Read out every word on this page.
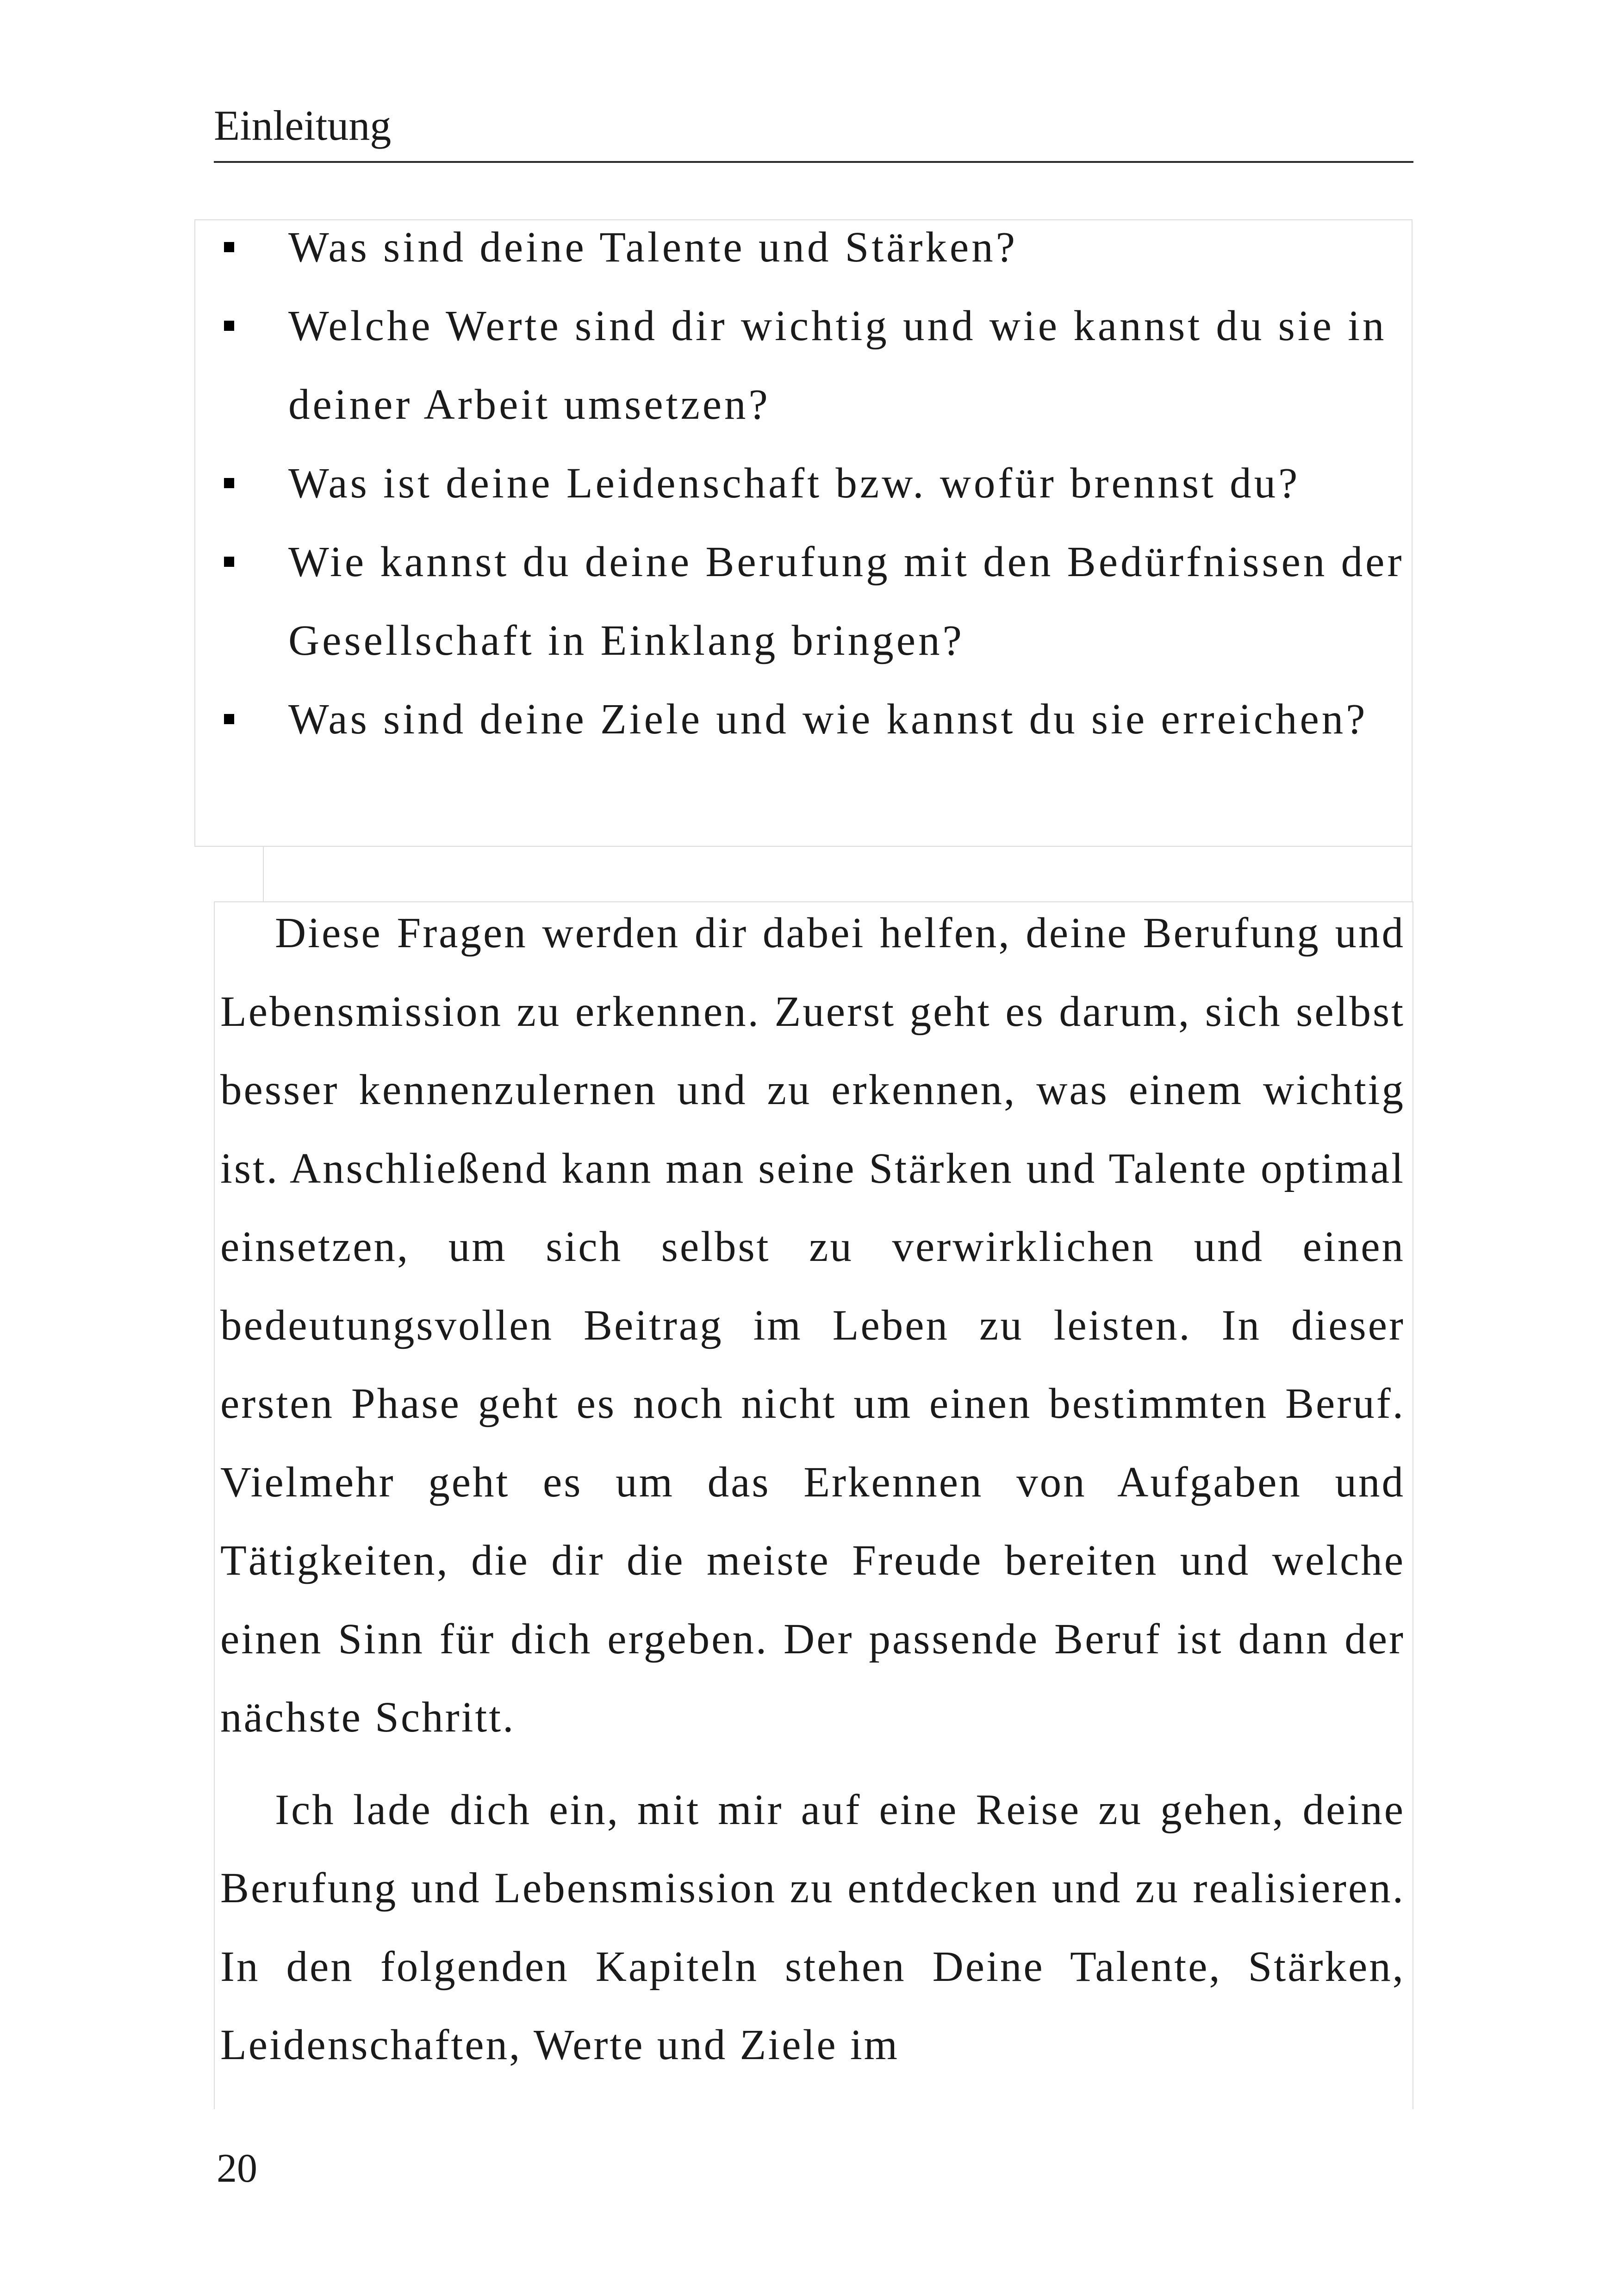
Einleitung
Was sind deine Talente und Stärken?
Welche Werte sind dir wichtig und wie kannst du sie in deiner Arbeit umsetzen?
Was ist deine Leidenschaft bzw. wofür brennst du?
Wie kannst du deine Berufung mit den Bedürfnissen der Gesellschaft in Einklang bringen?
Was sind deine Ziele und wie kannst du sie erreichen?

Diese Fragen werden dir dabei helfen, deine Berufung und Lebensmission zu erkennen. Zuerst geht es darum, sich selbst besser kennenzulernen und zu erkennen, was einem wichtig ist. Anschließend kann man seine Stärken und Talente optimal einsetzen, um sich selbst zu verwirklichen und einen bedeutungsvollen Beitrag im Leben zu leisten. In dieser ersten Phase geht es noch nicht um einen bestimmten Beruf. Vielmehr geht es um das Erkennen von Aufgaben und Tätigkeiten, die dir die meiste Freude bereiten und welche einen Sinn für dich ergeben. Der passende Beruf ist dann der nächste Schritt.

Ich lade dich ein, mit mir auf eine Reise zu gehen, deine Berufung und Lebensmission zu entdecken und zu realisieren. In den folgenden Kapiteln stehen Deine Talente, Stärken, Leidenschaften, Werte und Ziele im

20
